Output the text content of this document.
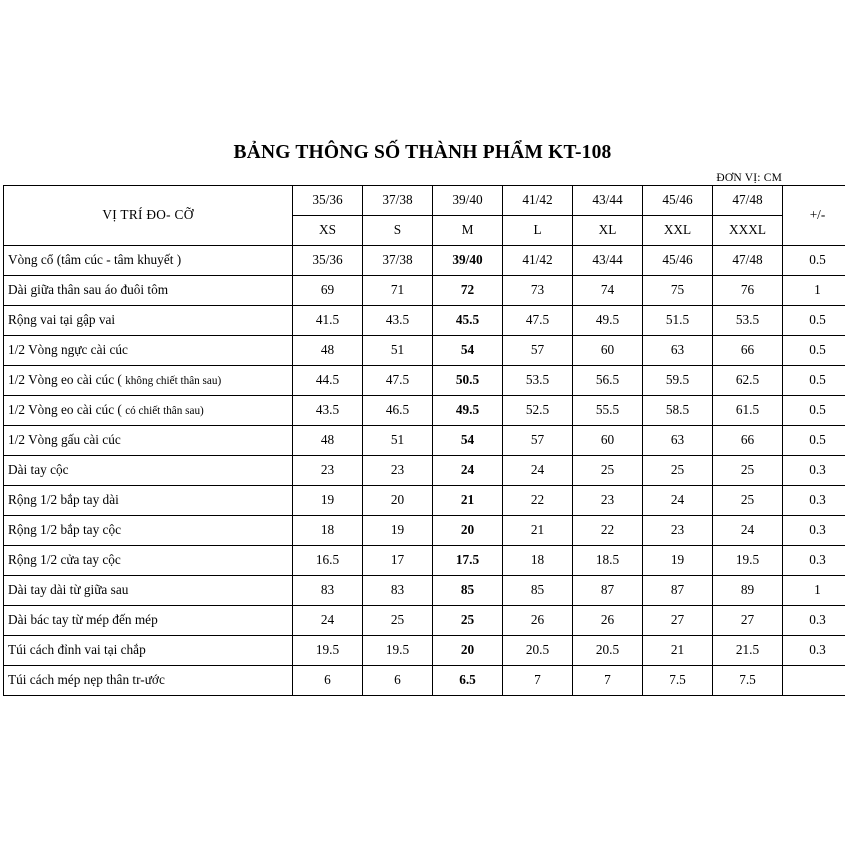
BẢNG THÔNG SỐ THÀNH PHẨM KT-108
ĐƠN VỊ: CM
VỊ TRÍ ĐO- CỠ	35/36	37/38	39/40	41/42	43/44	45/46	47/48	+/-
	XS	S	M	L	XL	XXL	XXXL	
Vòng cổ (tâm cúc - tâm khuyết )	35/36	37/38	39/40	41/42	43/44	45/46	47/48	0.5
Dài giữa thân sau áo đuôi tôm	69	71	72	73	74	75	76	1
Rộng vai tại gập vai	41.5	43.5	45.5	47.5	49.5	51.5	53.5	0.5
1/2 Vòng ngực cài cúc	48	51	54	57	60	63	66	0.5
1/2 Vòng eo cài cúc ( không chiết thân sau)	44.5	47.5	50.5	53.5	56.5	59.5	62.5	0.5
1/2 Vòng eo cài cúc ( có chiết thân sau)	43.5	46.5	49.5	52.5	55.5	58.5	61.5	0.5
1/2 Vòng gấu cài cúc	48	51	54	57	60	63	66	0.5
Dài tay cộc	23	23	24	24	25	25	25	0.3
Rộng 1/2 bắp tay dài	19	20	21	22	23	24	25	0.3
Rộng 1/2 bắp tay cộc	18	19	20	21	22	23	24	0.3
Rộng 1/2 cửa tay cộc	16.5	17	17.5	18	18.5	19	19.5	0.3
Dài tay dài từ giữa sau	83	83	85	85	87	87	89	1
Dài bác tay từ mép đến mép	24	25	25	26	26	27	27	0.3
Túi cách đỉnh vai tại chắp	19.5	19.5	20	20.5	20.5	21	21.5	0.3
Túi cách mép nẹp thân tr-ước	6	6	6.5	7	7	7.5	7.5	
